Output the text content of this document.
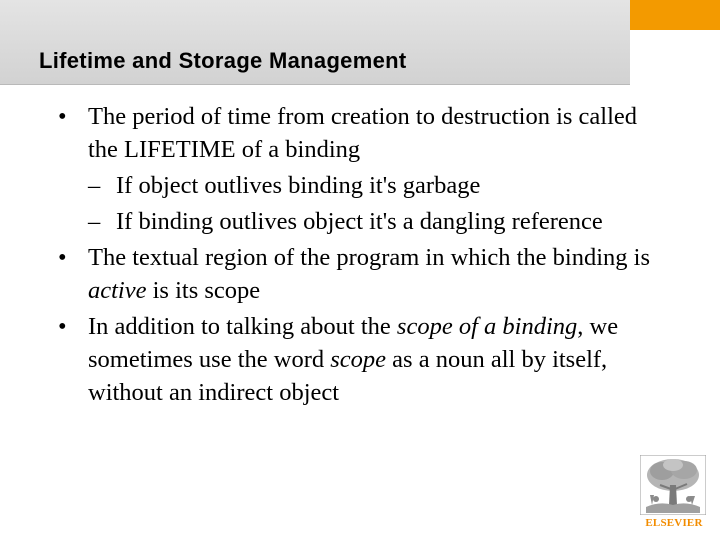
Lifetime and Storage Management
• The period of time from creation to destruction is called the LIFETIME of a binding
– If object outlives binding it's garbage
– If binding outlives object it's a dangling reference
• The textual region of the program in which the binding is active is its scope
• In addition to talking about the scope of a binding, we sometimes use the word scope as a noun all by itself, without an indirect object
ELSEVIER
